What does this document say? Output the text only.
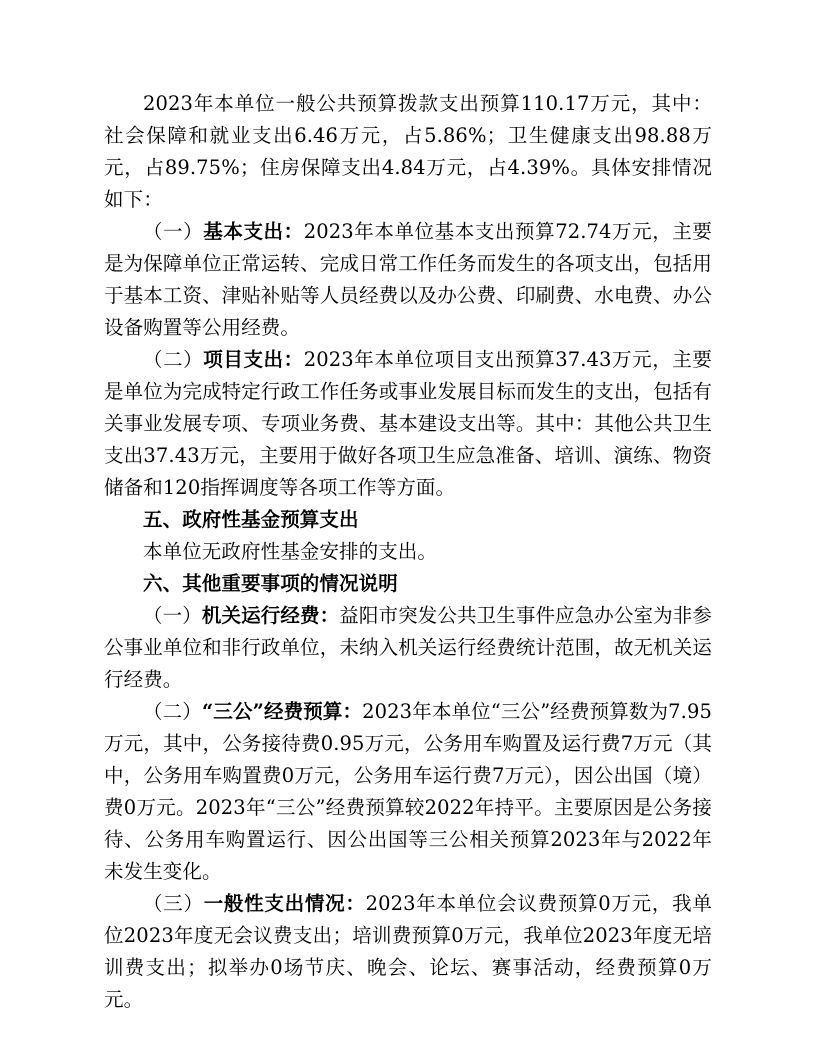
2023年本单位一般公共预算拨款支出预算110.17万元，其中：社会保障和就业支出6.46万元，占5.86%；卫生健康支出98.88万元，占89.75%；住房保障支出4.84万元，占4.39%。具体安排情况如下：

（一）基本支出：2023年本单位基本支出预算72.74万元，主要是为保障单位正常运转、完成日常工作任务而发生的各项支出，包括用于基本工资、津贴补贴等人员经费以及办公费、印刷费、水电费、办公设备购置等公用经费。

（二）项目支出：2023年本单位项目支出预算37.43万元，主要是单位为完成特定行政工作任务或事业发展目标而发生的支出，包括有关事业发展专项、专项业务费、基本建设支出等。其中：其他公共卫生支出37.43万元，主要用于做好各项卫生应急准备、培训、演练、物资储备和120指挥调度等各项工作等方面。

五、政府性基金预算支出

本单位无政府性基金安排的支出。

六、其他重要事项的情况说明

（一）机关运行经费：益阳市突发公共卫生事件应急办公室为非参公事业单位和非行政单位，未纳入机关运行经费统计范围，故无机关运行经费。

（二）“三公”经费预算：2023年本单位“三公”经费预算数为7.95万元，其中，公务接待费0.95万元，公务用车购置及运行费7万元（其中，公务用车购置费0万元，公务用车运行费7万元），因公出国（境）费0万元。2023年“三公”经费预算较2022年持平。主要原因是公务接待、公务用车购置运行、因公出国等三公相关预算2023年与2022年未发生变化。

（三）一般性支出情况：2023年本单位会议费预算0万元，我单位2023年度无会议费支出；培训费预算0万元，我单位2023年度无培训费支出；拟举办0场节庆、晚会、论坛、赛事活动，经费预算0万元。
